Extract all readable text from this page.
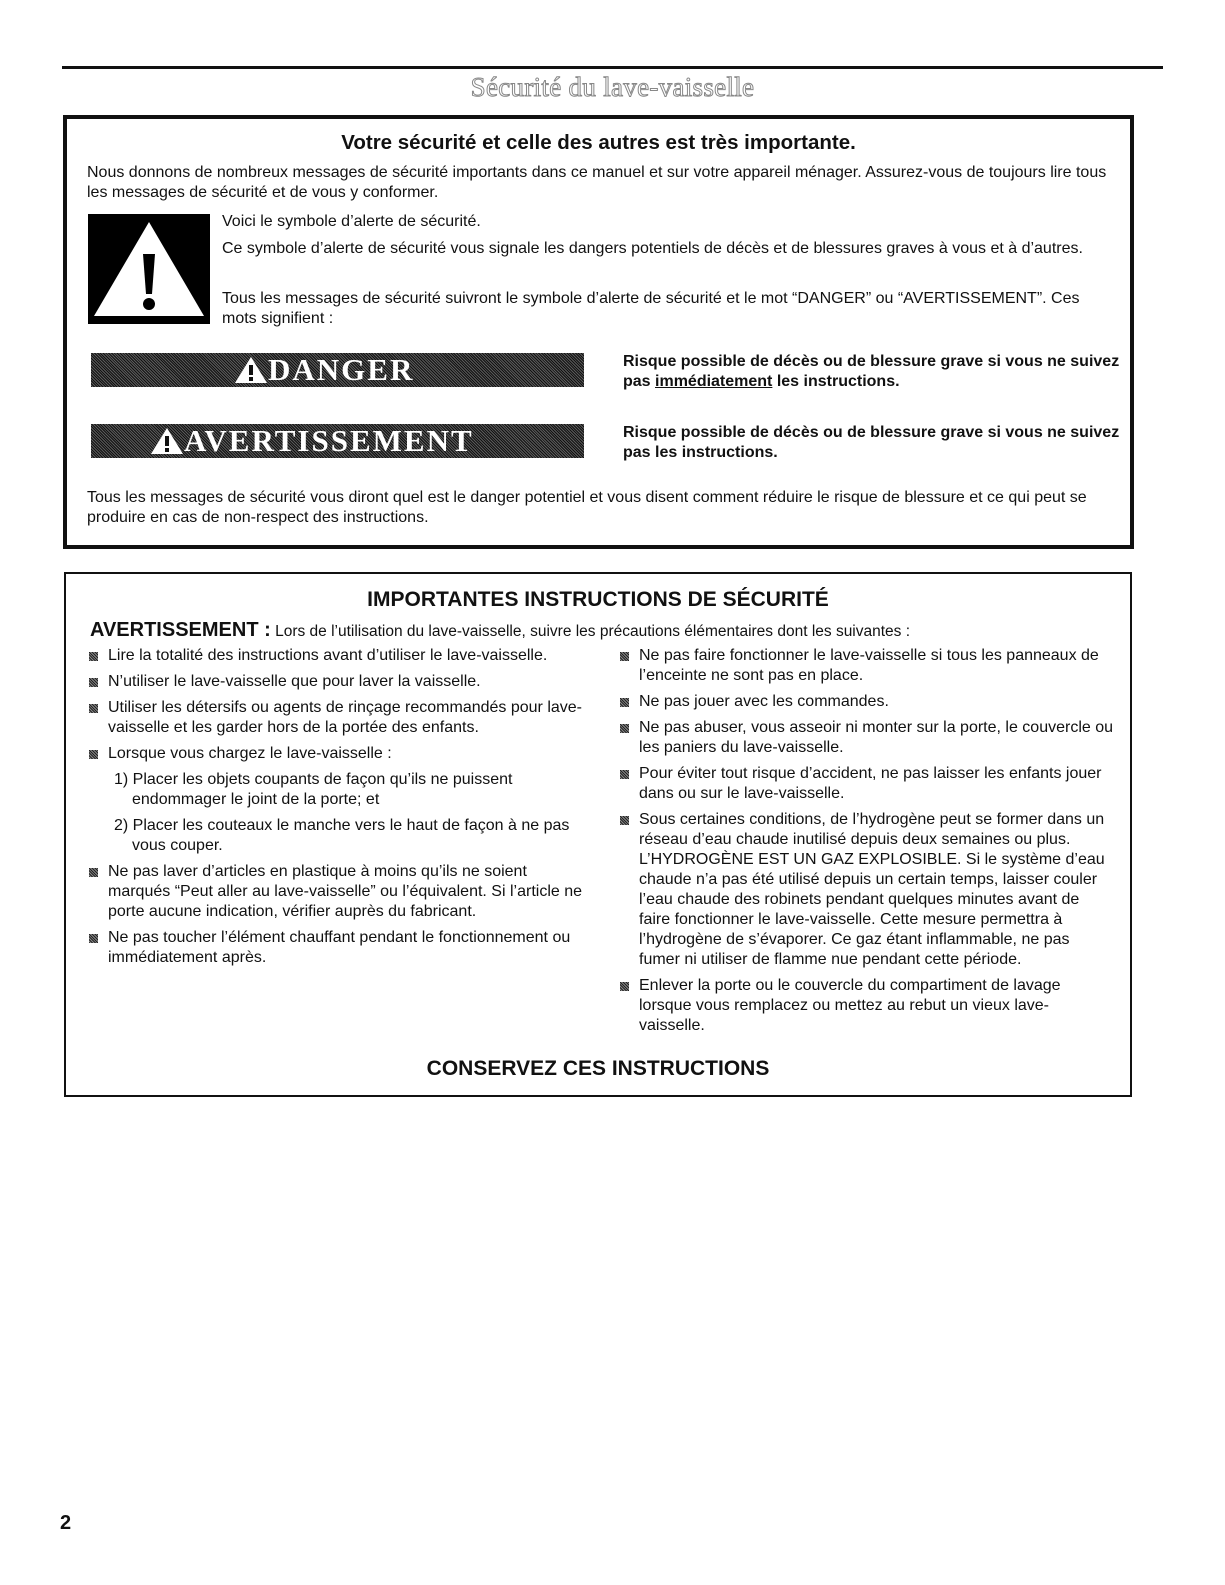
Sécurité du lave-vaisselle
Votre sécurité et celle des autres est très importante.
Nous donnons de nombreux messages de sécurité importants dans ce manuel et sur votre appareil ménager. Assurez-vous de toujours lire tous les messages de sécurité et de vous y conformer.
Voici le symbole d’alerte de sécurité.
Ce symbole d’alerte de sécurité vous signale les dangers potentiels de décès et de blessures graves à vous et à d’autres.
Tous les messages de sécurité suivront le symbole d’alerte de sécurité et le mot “DANGER” ou “AVERTISSEMENT”. Ces mots signifient :
DANGER
AVERTISSEMENT
Risque possible de décès ou de blessure grave si vous ne suivez pas immédiatement les instructions.
Risque possible de décès ou de blessure grave si vous ne suivez pas les instructions.
Tous les messages de sécurité vous diront quel est le danger potentiel et vous disent comment réduire le risque de blessure et ce qui peut se produire en cas de non-respect des instructions.
IMPORTANTES INSTRUCTIONS DE SÉCURITÉ
AVERTISSEMENT : Lors de l’utilisation du lave-vaisselle, suivre les précautions élémentaires dont les suivantes :
Lire la totalité des instructions avant d’utiliser le lave-vaisselle.
N’utiliser le lave-vaisselle que pour laver la vaisselle.
Utiliser les détersifs ou agents de rinçage recommandés pour lave-vaisselle et les garder hors de la portée des enfants.
Lorsque vous chargez le lave-vaisselle :
1) Placer les objets coupants de façon qu’ils ne puissent endommager le joint de la porte; et
2) Placer les couteaux le manche vers le haut de façon à ne pas vous couper.
Ne pas laver d’articles en plastique à moins qu’ils ne soient marqués “Peut aller au lave-vaisselle” ou l’équivalent. Si l’article ne porte aucune indication, vérifier auprès du fabricant.
Ne pas toucher l’élément chauffant pendant le fonctionnement ou immédiatement après.
Ne pas faire fonctionner le lave-vaisselle si tous les panneaux de l’enceinte ne sont pas en place.
Ne pas jouer avec les commandes.
Ne pas abuser, vous asseoir ni monter sur la porte, le couvercle ou les paniers du lave-vaisselle.
Pour éviter tout risque d’accident, ne pas laisser les enfants jouer dans ou sur le lave-vaisselle.
Sous certaines conditions, de l’hydrogène peut se former dans un réseau d’eau chaude inutilisé depuis deux semaines ou plus. L’HYDROGÈNE EST UN GAZ EXPLOSIBLE. Si le système d’eau chaude n’a pas été utilisé depuis un certain temps, laisser couler l’eau chaude des robinets pendant quelques minutes avant de faire fonctionner le lave-vaisselle. Cette mesure permettra à l’hydrogène de s’évaporer. Ce gaz étant inflammable, ne pas fumer ni utiliser de flamme nue pendant cette période.
Enlever la porte ou le couvercle du compartiment de lavage lorsque vous remplacez ou mettez au rebut un vieux lave-vaisselle.
CONSERVEZ CES INSTRUCTIONS
2
